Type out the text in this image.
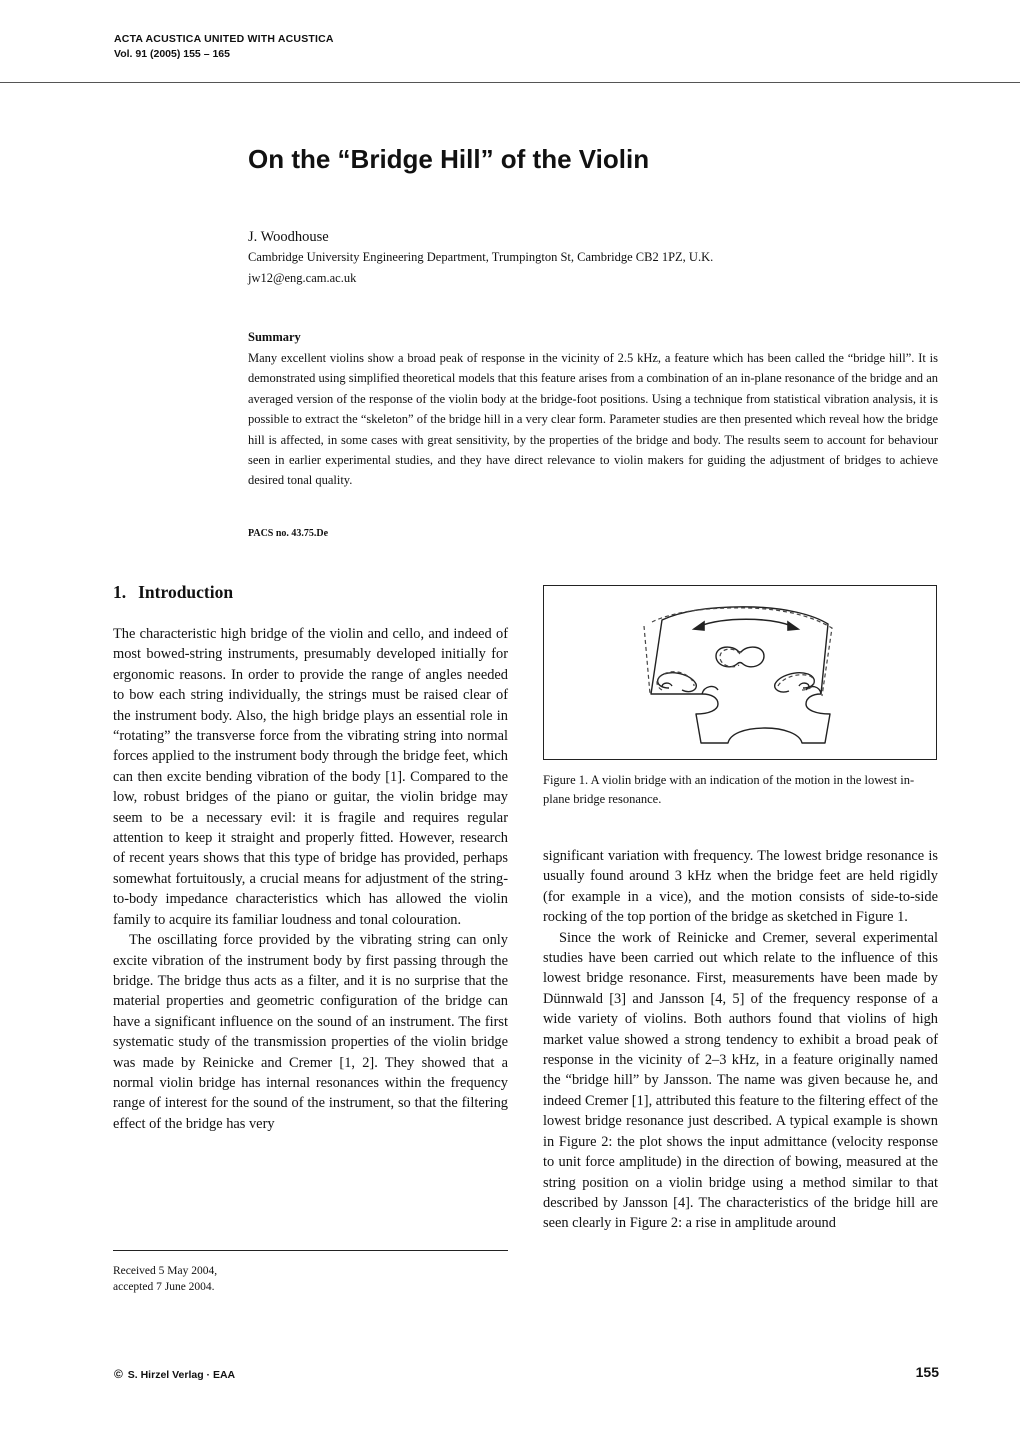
ACTA ACUSTICA UNITED WITH ACUSTICA
Vol. 91 (2005) 155 – 165
On the “Bridge Hill” of the Violin
J. Woodhouse
Cambridge University Engineering Department, Trumpington St, Cambridge CB2 1PZ, U.K.
jw12@eng.cam.ac.uk
Summary

Many excellent violins show a broad peak of response in the vicinity of 2.5 kHz, a feature which has been called the “bridge hill”. It is demonstrated using simplified theoretical models that this feature arises from a combination of an in-plane resonance of the bridge and an averaged version of the response of the violin body at the bridge-foot positions. Using a technique from statistical vibration analysis, it is possible to extract the “skeleton” of the bridge hill in a very clear form. Parameter studies are then presented which reveal how the bridge hill is affected, in some cases with great sensitivity, by the properties of the bridge and body. The results seem to account for behaviour seen in earlier experimental studies, and they have direct relevance to violin makers for guiding the adjustment of bridges to achieve desired tonal quality.

PACS no. 43.75.De
1. Introduction

The characteristic high bridge of the violin and cello, and indeed of most bowed-string instruments, presumably developed initially for ergonomic reasons. In order to provide the range of angles needed to bow each string individually, the strings must be raised clear of the instrument body. Also, the high bridge plays an essential role in “rotating” the transverse force from the vibrating string into normal forces applied to the instrument body through the bridge feet, which can then excite bending vibration of the body [1]. Compared to the low, robust bridges of the piano or guitar, the violin bridge may seem to be a necessary evil: it is fragile and requires regular attention to keep it straight and properly fitted. However, research of recent years shows that this type of bridge has provided, perhaps somewhat fortuitously, a crucial means for adjustment of the string-to-body impedance characteristics which has allowed the violin family to acquire its familiar loudness and tonal colouration.

The oscillating force provided by the vibrating string can only excite vibration of the instrument body by first passing through the bridge. The bridge thus acts as a filter, and it is no surprise that the material properties and geometric configuration of the bridge can have a significant influence on the sound of an instrument. The first systematic study of the transmission properties of the violin bridge was made by Reinicke and Cremer [1, 2]. They showed that a normal violin bridge has internal resonances within the frequency range of interest for the sound of the instrument, so that the filtering effect of the bridge has very

Received 5 May 2004,
accepted 7 June 2004.

Figure 1. A violin bridge with an indication of the motion in the lowest in-plane bridge resonance.

significant variation with frequency. The lowest bridge resonance is usually found around 3 kHz when the bridge feet are held rigidly (for example in a vice), and the motion consists of side-to-side rocking of the top portion of the bridge as sketched in Figure 1.

Since the work of Reinicke and Cremer, several experimental studies have been carried out which relate to the influence of this lowest bridge resonance. First, measurements have been made by Dünnwald [3] and Jansson [4, 5] of the frequency response of a wide variety of violins. Both authors found that violins of high market value showed a strong tendency to exhibit a broad peak of response in the vicinity of 2–3 kHz, in a feature originally named the “bridge hill” by Jansson. The name was given because he, and indeed Cremer [1], attributed this feature to the filtering effect of the lowest bridge resonance just described. A typical example is shown in Figure 2: the plot shows the input admittance (velocity response to unit force amplitude) in the direction of bowing, measured at the string position on a violin bridge using a method similar to that described by Jansson [4]. The characteristics of the bridge hill are seen clearly in Figure 2: a rise in amplitude around

© S. Hirzel Verlag · EAA	155
